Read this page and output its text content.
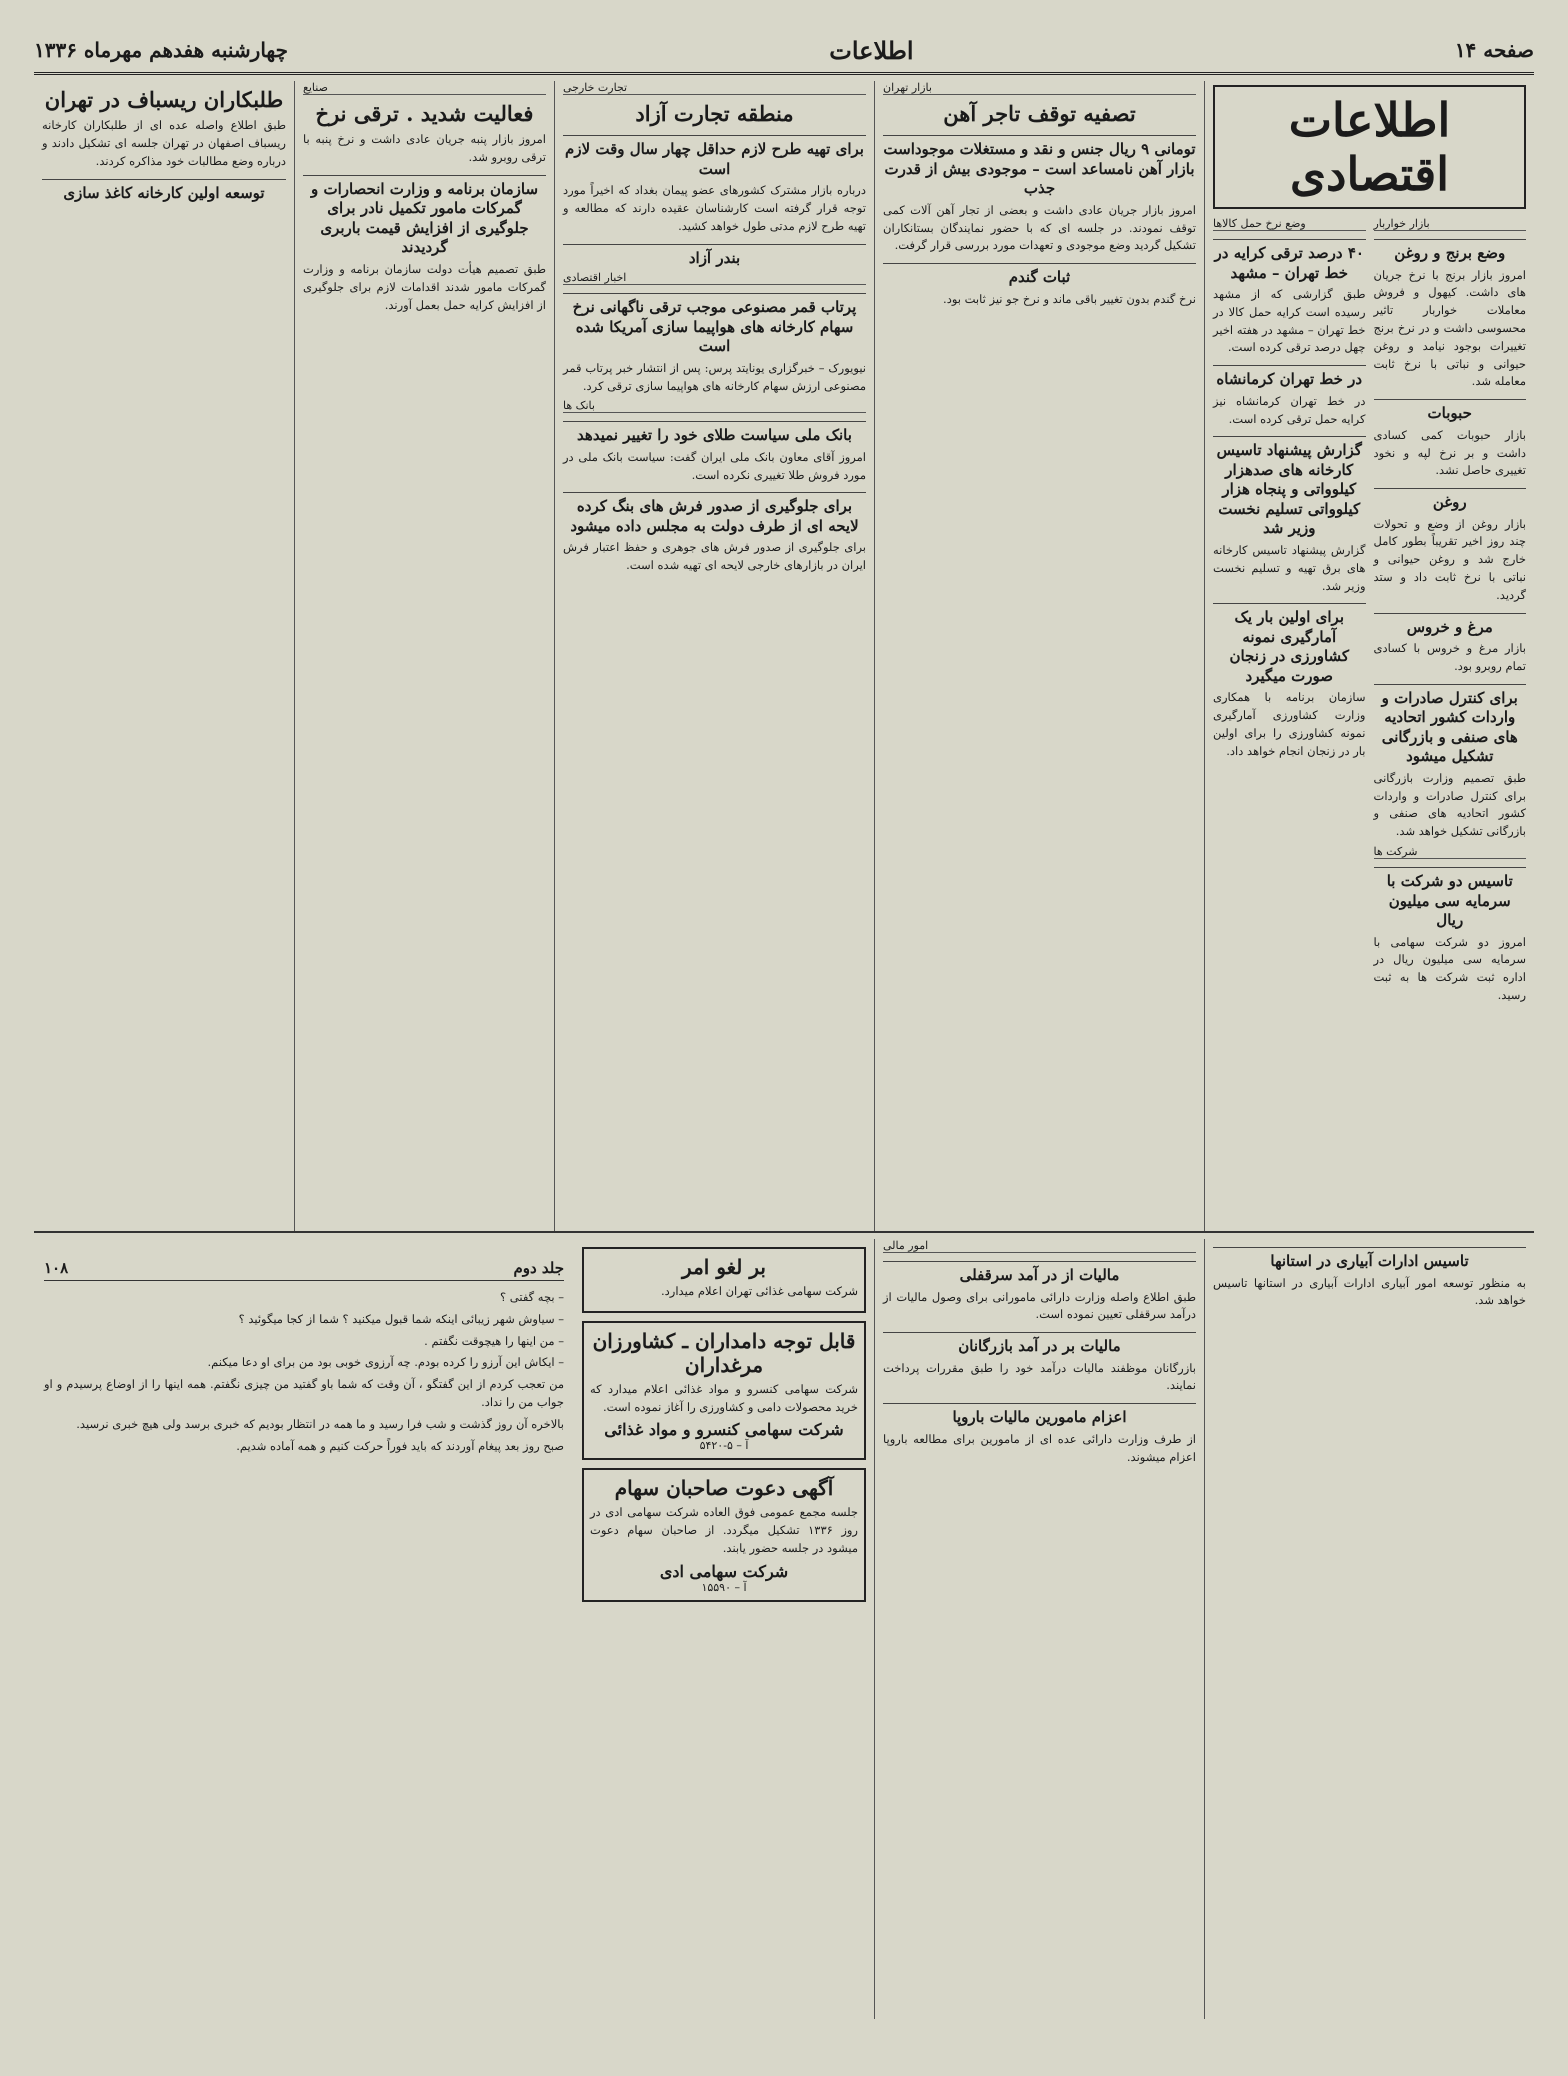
صفحه ۱۴
اطلاعات
چهارشنبه هفدهم مهرماه ۱۳۳۶
اطلاعات اقتصادی
بازار خواربار
وضع برنج و روغن

امروز بازار برنج با نرخ جریان های داشت. کیهول و فروش معاملات خواربار تاثیر محسوسی داشت و در نرخ برنج تغییرات بوجود نیامد و روغن حیوانی و نباتی با نرخ ثابت معامله شد.

حبوبات

بازار حبوبات کمی کسادی داشت و بر نرخ لپه و نخود تغییری حاصل نشد.

روغن

بازار روغن از وضع و تحولات چند روز اخیر تقریباً بطور کامل خارج شد و روغن حیوانی و نباتی با نرخ ثابت داد و ستد گردید.

مرغ و خروس

بازار مرغ و خروس با کسادی تمام روبرو بود.

برای کنترل صادرات و واردات کشور اتحادیه های صنفی و بازرگانی تشکیل میشود

طبق تصمیم وزارت بازرگانی برای کنترل صادرات و واردات کشور اتحادیه های صنفی و بازرگانی تشکیل خواهد شد.

شرکت ها
تاسیس دو شرکت با سرمایه سی میلیون ریال

امروز دو شرکت سهامی با سرمایه سی میلیون ریال در اداره ثبت شرکت ها به ثبت رسید.

وضع نرخ حمل کالاها
۴۰ درصد ترقی کرایه در خط تهران – مشهد

طبق گزارشی که از مشهد رسیده است کرایه حمل کالا در خط تهران – مشهد در هفته اخیر چهل درصد ترقی کرده است.

در خط تهران کرمانشاه

در خط تهران کرمانشاه نیز کرایه حمل ترقی کرده است.

گزارش پیشنهاد تاسیس کارخانه های صدهزار کیلوواتی و پنجاه هزار کیلوواتی تسلیم نخست وزیر شد

گزارش پیشنهاد تاسیس کارخانه های برق تهیه و تسلیم نخست وزیر شد.

برای اولین بار یک آمارگیری نمونه کشاورزی در زنجان صورت میگیرد

سازمان برنامه با همکاری وزارت کشاورزی آمارگیری نمونه کشاورزی را برای اولین بار در زنجان انجام خواهد داد.

بازار تهران
تصفیه توقف تاجر آهن
تومانی ۹ ریال جنس و نقد و مستغلات موجوداست بازار آهن نامساعد است – موجودی بیش از قدرت جذب

امروز بازار جریان عادی داشت و بعضی از تجار آهن آلات کمی توقف نمودند. در جلسه ای که با حضور نمایندگان بستانکاران تشکیل گردید وضع موجودی و تعهدات مورد بررسی قرار گرفت.

ثبات گندم

نرخ گندم بدون تغییر باقی ماند و نرخ جو نیز ثابت بود.

تجارت خارجی
منطقه تجارت آزاد
برای تهیه طرح لازم حداقل چهار سال وقت لازم است

درباره بازار مشترک کشورهای عضو پیمان بغداد که اخیراً مورد توجه قرار گرفته است کارشناسان عقیده دارند که مطالعه و تهیه طرح لازم مدتی طول خواهد کشید.

بندر آزاد
اخبار اقتصادی
پرتاب قمر مصنوعی موجب ترقی ناگهانی نرخ سهام کارخانه های هواپیما سازی آمریکا شده است

نیویورک – خبرگزاری یونایتد پرس: پس از انتشار خبر پرتاب قمر مصنوعی ارزش سهام کارخانه های هواپیما سازی ترقی کرد.

بانک ها
بانک ملی سیاست طلای خود را تغییر نمیدهد

امروز آقای معاون بانک ملی ایران گفت: سیاست بانک ملی در مورد فروش طلا تغییری نکرده است.

برای جلوگیری از صدور فرش های بنگ کرده لایحه ای از طرف دولت به مجلس داده میشود

برای جلوگیری از صدور فرش های جوهری و حفظ اعتبار فرش ایران در بازارهای خارجی لایحه ای تهیه شده است.

صنایع
فعالیت شدید . ترقی نرخ

امروز بازار پنبه جریان عادی داشت و نرخ پنبه با ترقی روبرو شد.

سازمان برنامه و وزارت انحصارات و گمرکات مامور تکمیل نادر برای جلوگیری از افزایش قیمت باربری گردیدند

طبق تصمیم هیأت دولت سازمان برنامه و وزارت گمرکات مامور شدند اقدامات لازم برای جلوگیری از افزایش کرایه حمل بعمل آورند.

طلبکاران ریسباف در تهران

طبق اطلاع واصله عده ای از طلبکاران کارخانه ریسباف اصفهان در تهران جلسه ای تشکیل دادند و درباره وضع مطالبات خود مذاکره کردند.

توسعه اولین کارخانه کاغذ سازی
تاسیس ادارات آبیاری در استانها

به منظور توسعه امور آبیاری ادارات آبیاری در استانها تاسیس خواهد شد.

امور مالی
مالیات از در آمد سرقفلی

طبق اطلاع واصله وزارت دارائی مامورانی برای وصول مالیات از درآمد سرقفلی تعیین نموده است.

مالیات بر در آمد بازرگانان

بازرگانان موظفند مالیات درآمد خود را طبق مقررات پرداخت نمایند.

اعزام مامورین مالیات باروپا

از طرف وزارت دارائی عده ای از مامورین برای مطالعه باروپا اعزام میشوند.

بر لغو امر

شرکت سهامی غذائی تهران اعلام میدارد.

قابل توجه دامداران ـ کشاورزان مرغداران

شرکت سهامی کنسرو و مواد غذائی اعلام میدارد که خرید محصولات دامی و کشاورزی را آغاز نموده است.

شرکت سهامی کنسرو و مواد غذائی
آ – ۵-۵۴۲۰
آگهی دعوت صاحبان سهام

جلسه مجمع عمومی فوق العاده شرکت سهامی ادی در روز ۱۳۳۶ تشکیل میگردد. از صاحبان سهام دعوت میشود در جلسه حضور یابند.

شرکت سهامی ادی
آ – ۱۵۵۹۰
جلد دوم
۱۰۸

– بچه گفتی ؟

– سیاوش شهر زیبائی اینکه شما قبول میکنید ؟ شما از کجا میگوئید ؟

– من اینها را هیچوقت نگفتم .

– ایکاش این آرزو را کرده بودم. چه آرزوی خوبی بود من برای او دعا میکنم.

من تعجب کردم از این گفتگو ، آن وقت که شما باو گفتید من چیزی نگفتم. همه اینها را از اوضاع پرسیدم و او جواب من را نداد.

بالاخره آن روز گذشت و شب فرا رسید و ما همه در انتظار بودیم که خبری برسد ولی هیچ خبری نرسید.

صبح روز بعد پیغام آوردند که باید فوراً حرکت کنیم و همه آماده شدیم.
